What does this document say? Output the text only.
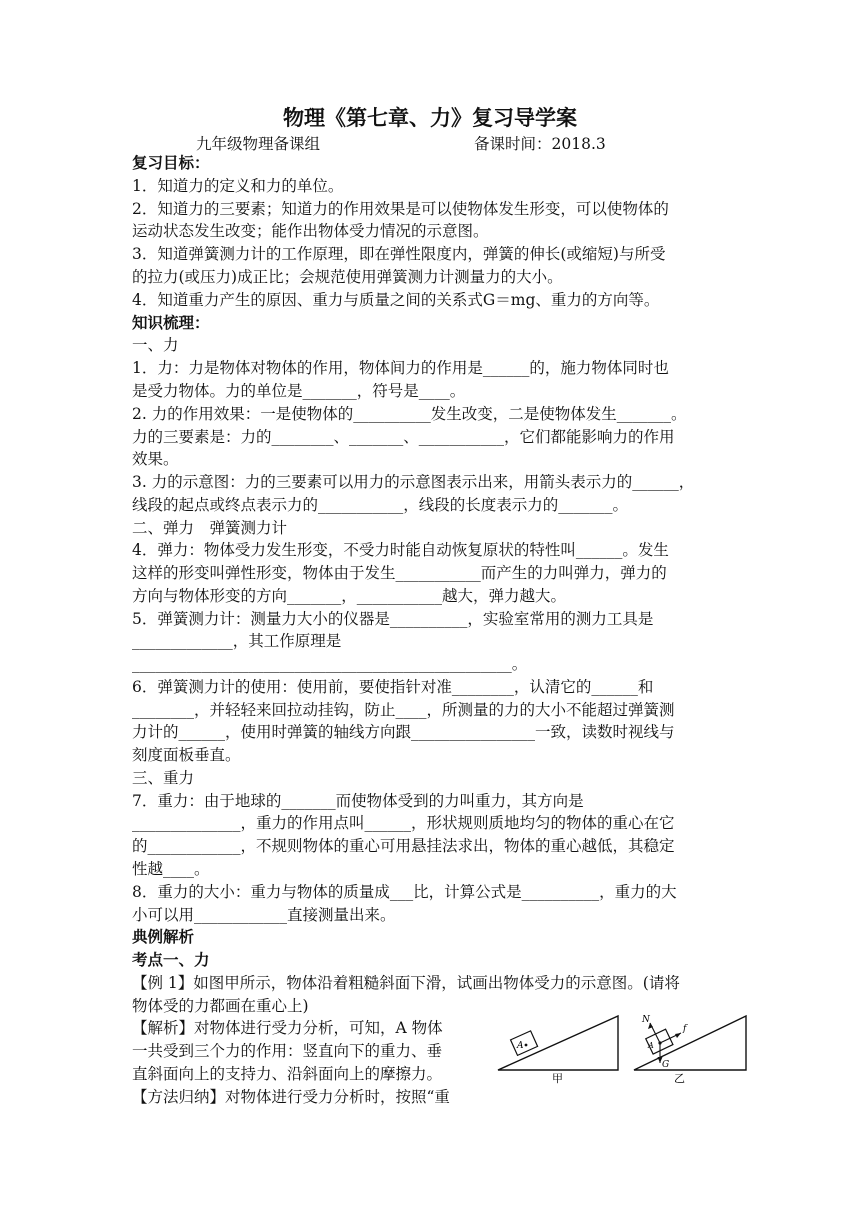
物理《第七章、力》复习导学案
九年级物理备课组	备课时间：2018.3
复习目标：
1．知道力的定义和力的单位。
2．知道力的三要素；知道力的作用效果是可以使物体发生形变，可以使物体的
运动状态发生改变；能作出物体受力情况的示意图。
3．知道弹簧测力计的工作原理，即在弹性限度内，弹簧的伸长(或缩短)与所受
的拉力(或压力)成正比；会规范使用弹簧测力计测量力的大小。
4．知道重力产生的原因、重力与质量之间的关系式G＝mg、重力的方向等。
知识梳理：
一、力
1．力：力是物体对物体的作用，物体间力的作用是______的，施力物体同时也
是受力物体。力的单位是_______，符号是____。
2. 力的作用效果：一是使物体的__________发生改变，二是使物体发生_______。
力的三要素是：力的________、_______、___________，它们都能影响力的作用
效果。
3. 力的示意图：力的三要素可以用力的示意图表示出来，用箭头表示力的______，
线段的起点或终点表示力的___________，线段的长度表示力的_______。
二、弹力　弹簧测力计
4．弹力：物体受力发生形变，不受力时能自动恢复原状的特性叫______。发生
这样的形变叫弹性形变，物体由于发生___________而产生的力叫弹力，弹力的
方向与物体形变的方向_______，___________越大，弹力越大。
5．弹簧测力计：测量力大小的仪器是__________，实验室常用的测力工具是
_____________，其工作原理是
_________________________________________________。
6．弹簧测力计的使用：使用前，要使指针对准________，认清它的______和
________，并轻轻来回拉动挂钩，防止____，所测量的力的大小不能超过弹簧测
力计的______，使用时弹簧的轴线方向跟________________一致，读数时视线与
刻度面板垂直。
三、重力
7．重力：由于地球的_______而使物体受到的力叫重力，其方向是
______________，重力的作用点叫______，形状规则质地均匀的物体的重心在它
的____________，不规则物体的重心可用悬挂法求出，物体的重心越低，其稳定
性越____。
8．重力的大小：重力与物体的质量成___比，计算公式是__________，重力的大
小可以用____________直接测量出来。
典例解析
考点一、力
【例 1】如图甲所示，物体沿着粗糙斜面下滑，试画出物体受力的示意图。(请将
物体受的力都画在重心上)
【解析】对物体进行受力分析，可知，A 物体
一共受到三个力的作用：竖直向下的重力、垂
直斜面向上的支持力、沿斜面向上的摩擦力。
【方法归纳】对物体进行受力分析时，按照“重
A
甲
N
f
G
A
乙
